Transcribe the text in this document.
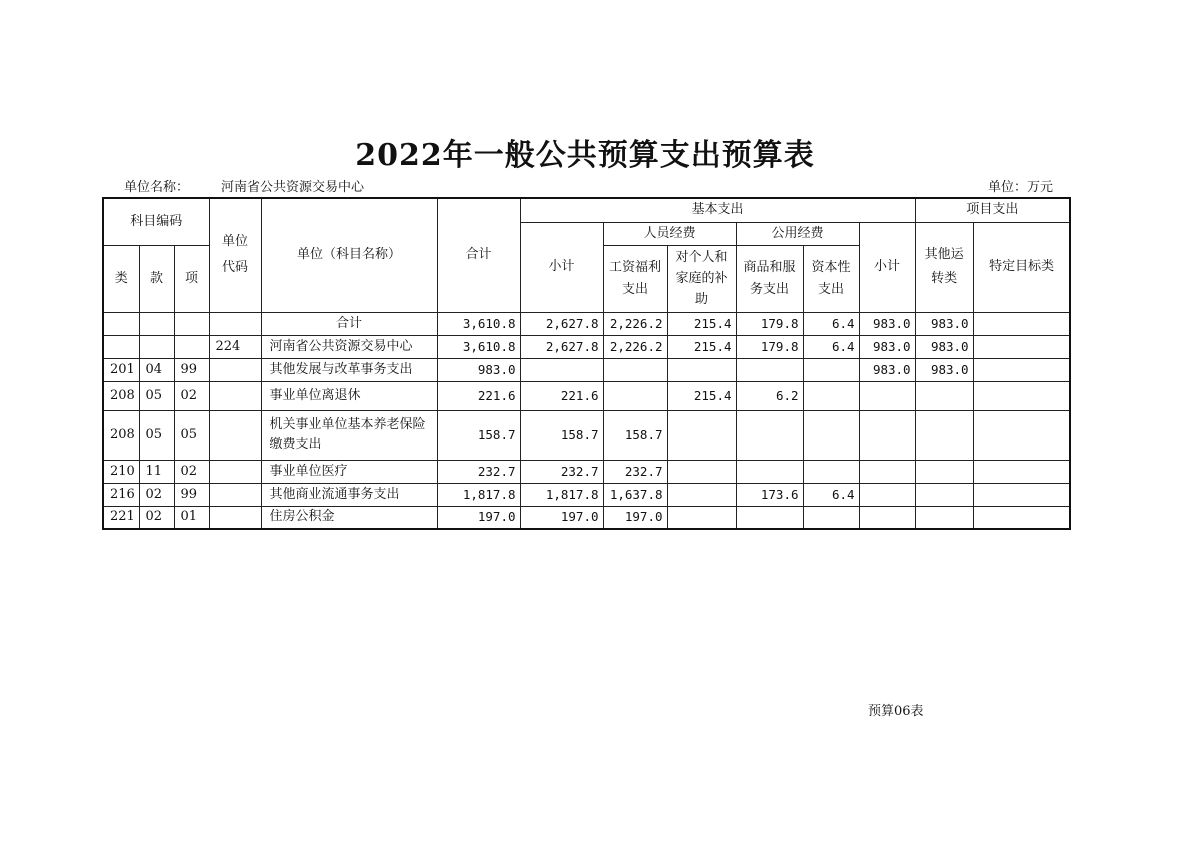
2022年一般公共预算支出预算表
单位名称： 河南省公共资源交易中心	单位：万元
科目编码			单位代码	单位（科目名称）	合计	基本支出						项目支出	
						小计	人员经费		公用经费		小计	其他运转类	特定目标类
类	款	项					工资福利支出	对个人和家庭的补助	商品和服务支出	资本性支出			
				合计	3,610.8	2,627.8	2,226.2	215.4	179.8	6.4	983.0	983.0	
			224	河南省公共资源交易中心	3,610.8	2,627.8	2,226.2	215.4	179.8	6.4	983.0	983.0	
201	04	99		其他发展与改革事务支出	983.0						983.0	983.0	
208	05	02		事业单位离退休	221.6	221.6		215.4	6.2				
208	05	05		机关事业单位基本养老保险缴费支出	158.7	158.7	158.7						
210	11	02		事业单位医疗	232.7	232.7	232.7						
216	02	99		其他商业流通事务支出	1,817.8	1,817.8	1,637.8		173.6	6.4			
221	02	01		住房公积金	197.0	197.0	197.0						
预算06表
